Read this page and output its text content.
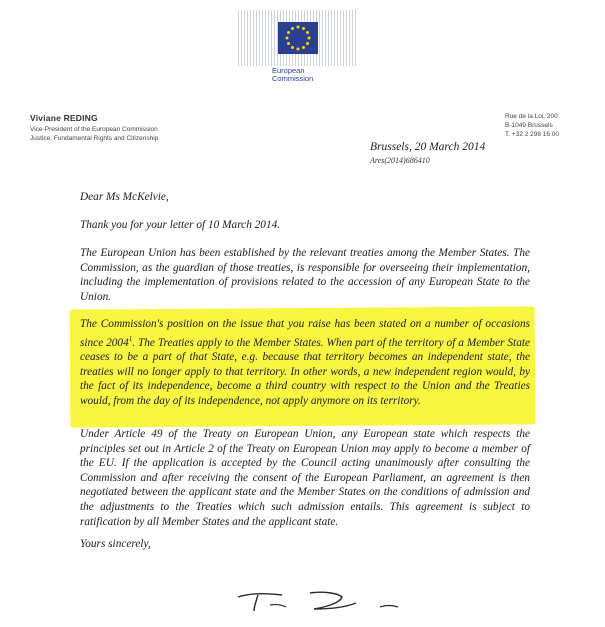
European
Commission
Viviane REDING
Vice-President of the European Commission
Justice, Fundamental Rights and Citizenship
Rue de la Loi, 200
B-1049 Brussels
T. +32 2 298 16 00
Brussels, 20 March 2014
Ares(2014)686410
Dear Ms McKelvie,
Thank you for your letter of 10 March 2014.
The European Union has been established by the relevant treaties among the Member States. The Commission, as the guardian of those treaties, is responsible for overseeing their implementation, including the implementation of provisions related to the accession of any European State to the Union.
The Commission's position on the issue that you raise has been stated on a number of occasions since 2004$^1$. The Treaties apply to the Member States. When part of the territory of a Member State ceases to be a part of that State, e.g. because that territory becomes an independent state, the treaties will no longer apply to that territory. In other words, a new independent region would, by the fact of its independence, become a third country with respect to the Union and the Treaties would, from the day of its independence, not apply anymore on its territory.
Under Article 49 of the Treaty on European Union, any European state which respects the principles set out in Article 2 of the Treaty on European Union may apply to become a member of the EU. If the application is accepted by the Council acting unanimously after consulting the Commission and after receiving the consent of the European Parliament, an agreement is then negotiated between the applicant state and the Member States on the conditions of admission and the adjustments to the Treaties which such admission entails. This agreement is subject to ratification by all Member States and the applicant state.
Yours sincerely,
